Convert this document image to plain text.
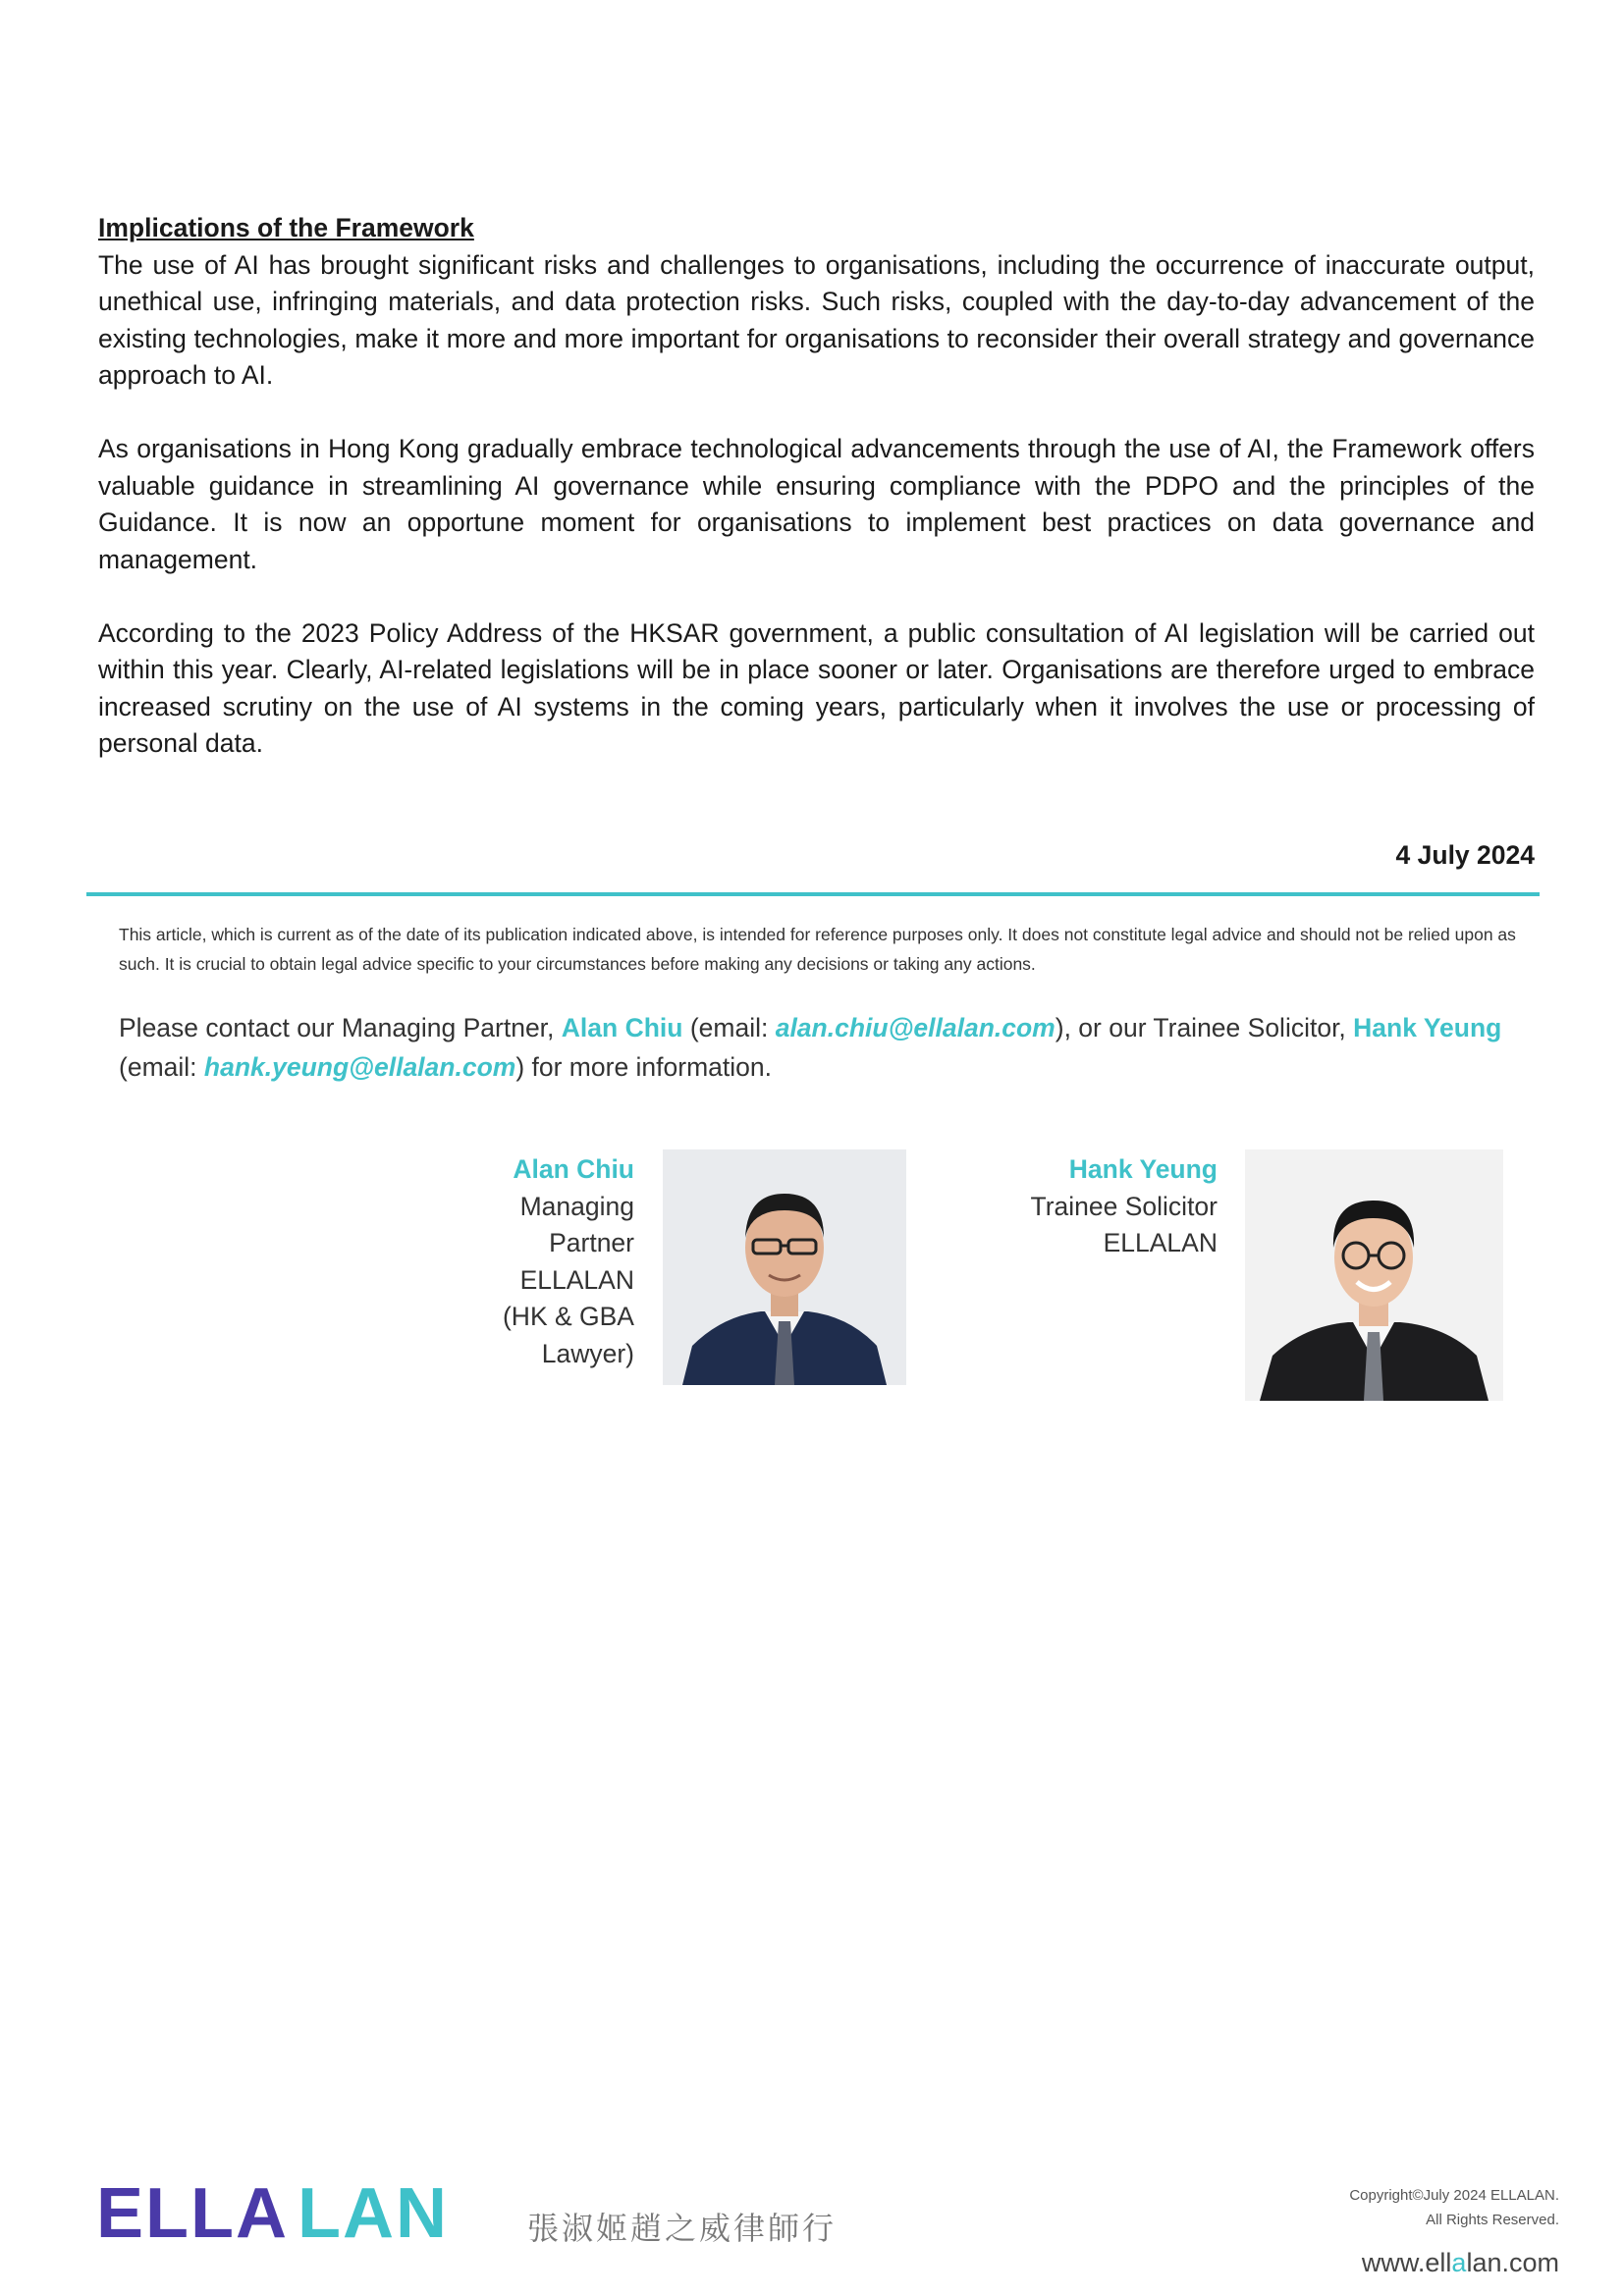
Implications of the Framework

The use of AI has brought significant risks and challenges to organisations, including the occurrence of inaccurate output, unethical use, infringing materials, and data protection risks. Such risks, coupled with the day-to-day advancement of the existing technologies, make it more and more important for organisations to reconsider their overall strategy and governance approach to AI.

As organisations in Hong Kong gradually embrace technological advancements through the use of AI, the Framework offers valuable guidance in streamlining AI governance while ensuring compliance with the PDPO and the principles of the Guidance. It is now an opportune moment for organisations to implement best practices on data governance and management.

According to the 2023 Policy Address of the HKSAR government, a public consultation of AI legislation will be carried out within this year. Clearly, AI-related legislations will be in place sooner or later. Organisations are therefore urged to embrace increased scrutiny on the use of AI systems in the coming years, particularly when it involves the use or processing of personal data.

4 July 2024
This article, which is current as of the date of its publication indicated above, is intended for reference purposes only. It does not constitute legal advice and should not be relied upon as such. It is crucial to obtain legal advice specific to your circumstances before making any decisions or taking any actions.
Please contact our Managing Partner, Alan Chiu (email: alan.chiu@ellalan.com), or our Trainee Solicitor, Hank Yeung (email: hank.yeung@ellalan.com) for more information.
Alan Chiu
Managing
Partner
ELLALAN
(HK & GBA
Lawyer)
Hank Yeung
Trainee Solicitor
ELLALAN
ELLA LAN	張淑姬趙之威律師行
Copyright©July 2024 ELLALAN.
All Rights Reserved.
www.ellalan.com
